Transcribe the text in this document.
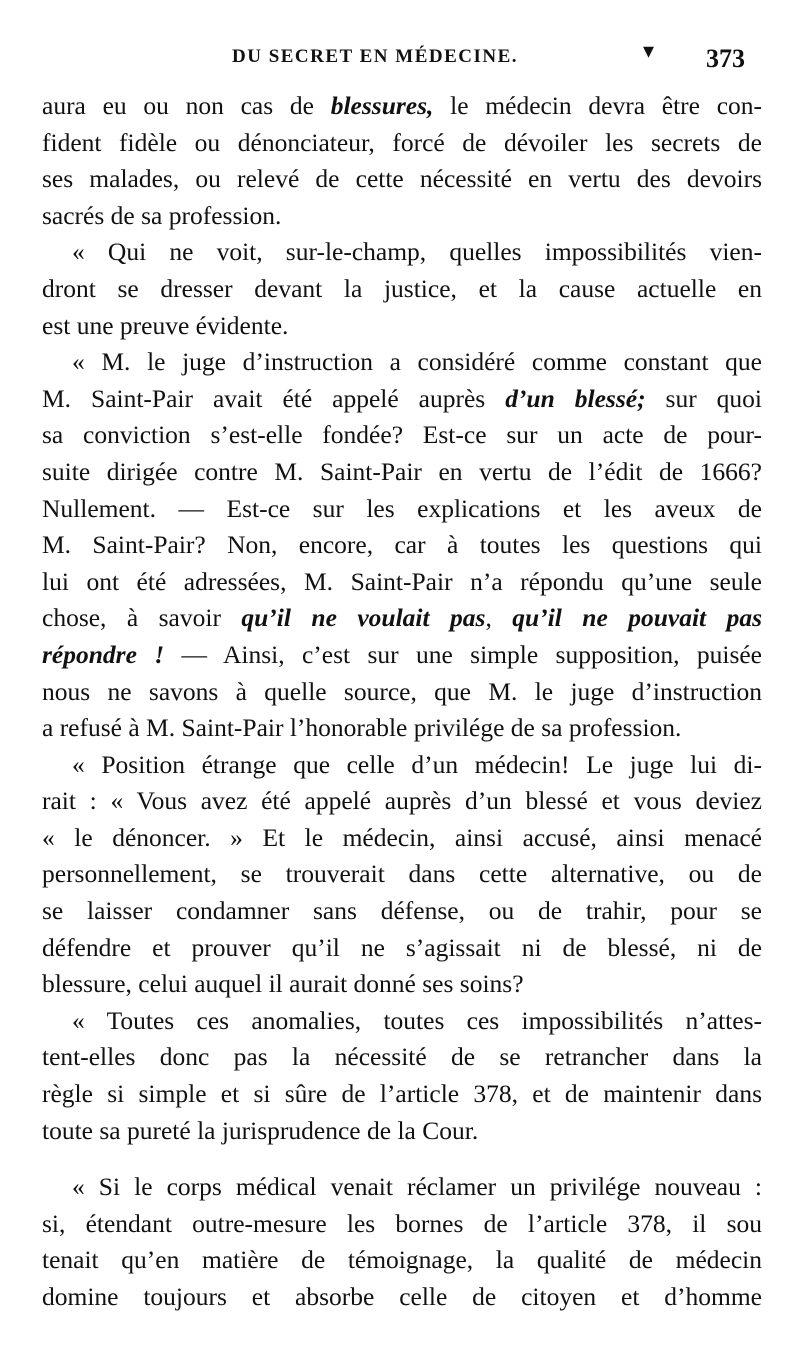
DU SECRET EN MÉDECINE.	▾ 373
aura eu ou non cas de blessures, le médecin devra être con-
fident fidèle ou dénonciateur, forcé de dévoiler les secrets de
ses malades, ou relevé de cette nécessité en vertu des devoirs
sacrés de sa profession.
« Qui ne voit, sur-le-champ, quelles impossibilités vien-
dront se dresser devant la justice, et la cause actuelle en
est une preuve évidente.
« M. le juge d’instruction a considéré comme constant que
M. Saint-Pair avait été appelé auprès d’un blessé; sur quoi
sa conviction s’est-elle fondée? Est-ce sur un acte de pour-
suite dirigée contre M. Saint-Pair en vertu de l’édit de 1666?
Nullement. — Est-ce sur les explications et les aveux de
M. Saint-Pair? Non, encore, car à toutes les questions qui
lui ont été adressées, M. Saint-Pair n’a répondu qu’une seule
chose, à savoir qu’il ne voulait pas, qu’il ne pouvait pas
répondre ! — Ainsi, c’est sur une simple supposition, puisée
nous ne savons à quelle source, que M. le juge d’instruction
a refusé à M. Saint-Pair l’honorable privilége de sa profession.
« Position étrange que celle d’un médecin! Le juge lui di-
rait : « Vous avez été appelé auprès d’un blessé et vous deviez
« le dénoncer. » Et le médecin, ainsi accusé, ainsi menacé
personnellement, se trouverait dans cette alternative, ou de
se laisser condamner sans défense, ou de trahir, pour se
défendre et prouver qu’il ne s’agissait ni de blessé, ni de
blessure, celui auquel il aurait donné ses soins?
« Toutes ces anomalies, toutes ces impossibilités n’attes-
tent-elles donc pas la nécessité de se retrancher dans la
règle si simple et si sûre de l’article 378, et de maintenir dans
toute sa pureté la jurisprudence de la Cour.
« Si le corps médical venait réclamer un privilége nouveau :
si, étendant outre-mesure les bornes de l’article 378, il sou
tenait qu’en matière de témoignage, la qualité de médecin
domine toujours et absorbe celle de citoyen et d’homme
